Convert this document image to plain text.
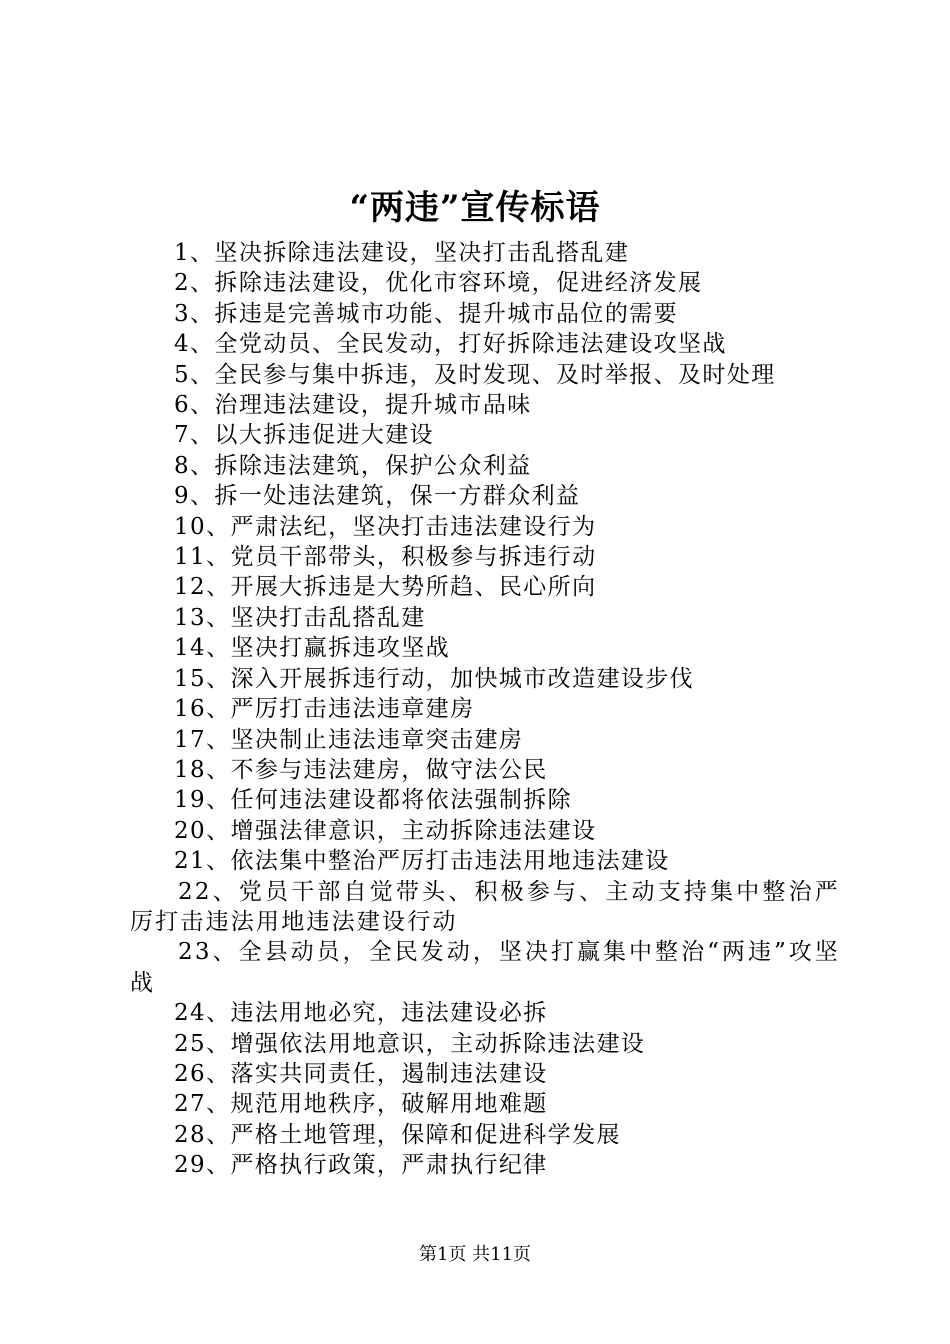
“两违”宣传标语
1、坚决拆除违法建设，坚决打击乱搭乱建
2、拆除违法建设，优化市容环境，促进经济发展
3、拆违是完善城市功能、提升城市品位的需要
4、全党动员、全民发动，打好拆除违法建设攻坚战
5、全民参与集中拆违，及时发现、及时举报、及时处理
6、治理违法建设，提升城市品味
7、以大拆违促进大建设
8、拆除违法建筑，保护公众利益
9、拆一处违法建筑，保一方群众利益
10、严肃法纪，坚决打击违法建设行为
11、党员干部带头，积极参与拆违行动
12、开展大拆违是大势所趋、民心所向
13、坚决打击乱搭乱建
14、坚决打赢拆违攻坚战
15、深入开展拆违行动，加快城市改造建设步伐
16、严厉打击违法违章建房
17、坚决制止违法违章突击建房
18、不参与违法建房，做守法公民
19、任何违法建设都将依法强制拆除
20、增强法律意识，主动拆除违法建设
21、依法集中整治严厉打击违法用地违法建设
22、党员干部自觉带头、积极参与、主动支持集中整治严厉打击违法用地违法建设行动
23、全县动员，全民发动，坚决打赢集中整治“两违”攻坚战
24、违法用地必究，违法建设必拆
25、增强依法用地意识，主动拆除违法建设
26、落实共同责任，遏制违法建设
27、规范用地秩序，破解用地难题
28、严格土地管理，保障和促进科学发展
29、严格执行政策，严肃执行纪律
第1页 共11页
